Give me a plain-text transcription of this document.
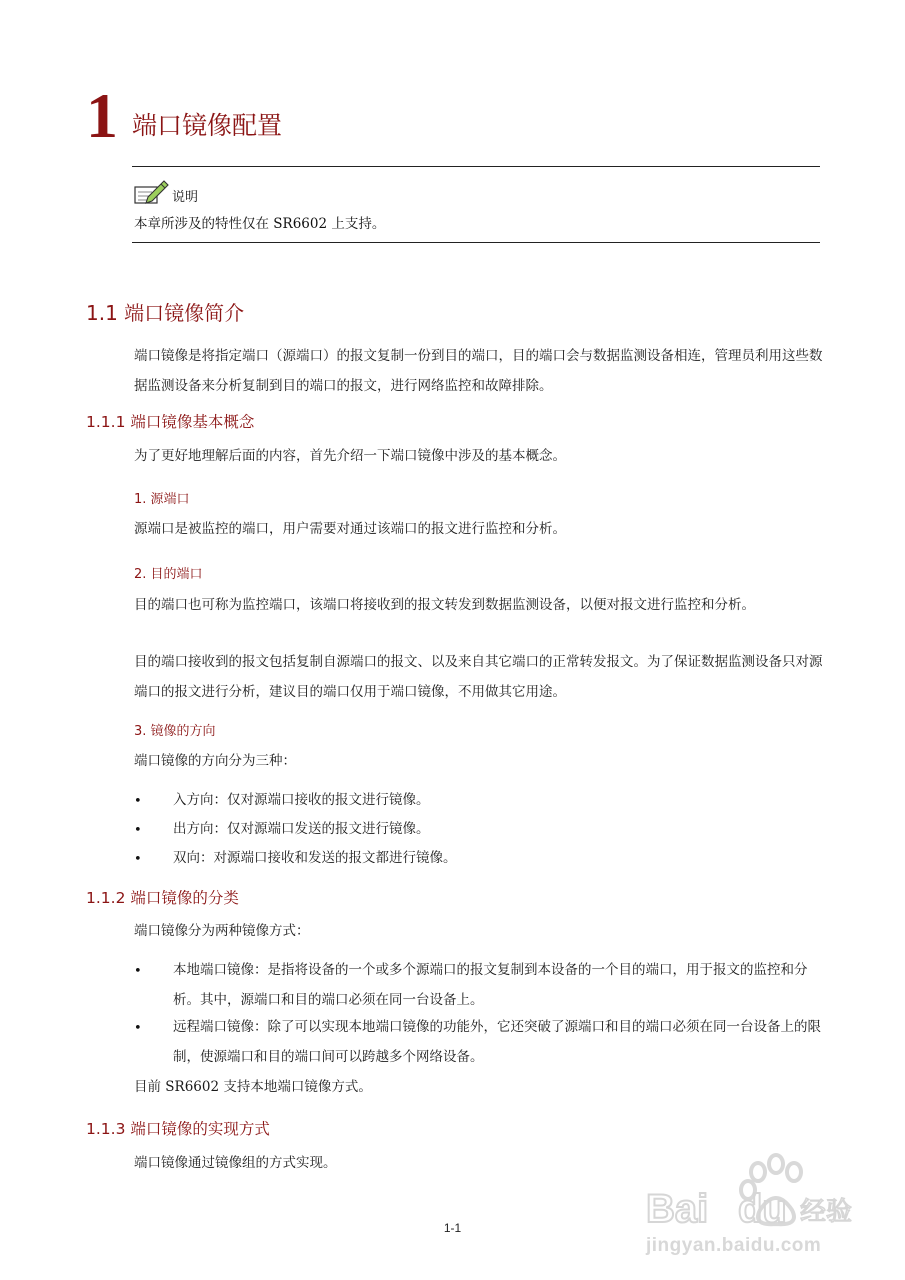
1 端口镜像配置
说明
本章所涉及的特性仅在 SR6602 上支持。
1.1 端口镜像简介
端口镜像是将指定端口（源端口）的报文复制一份到目的端口，目的端口会与数据监测设备相连，管理员利用这些数据监测设备来分析复制到目的端口的报文，进行网络监控和故障排除。
1.1.1 端口镜像基本概念
为了更好地理解后面的内容，首先介绍一下端口镜像中涉及的基本概念。
1. 源端口
源端口是被监控的端口，用户需要对通过该端口的报文进行监控和分析。
2. 目的端口
目的端口也可称为监控端口，该端口将接收到的报文转发到数据监测设备，以便对报文进行监控和分析。
目的端口接收到的报文包括复制自源端口的报文、以及来自其它端口的正常转发报文。为了保证数据监测设备只对源端口的报文进行分析，建议目的端口仅用于端口镜像，不用做其它用途。
3. 镜像的方向
端口镜像的方向分为三种：
• 入方向：仅对源端口接收的报文进行镜像。
• 出方向：仅对源端口发送的报文进行镜像。
• 双向：对源端口接收和发送的报文都进行镜像。
1.1.2 端口镜像的分类
端口镜像分为两种镜像方式：
• 本地端口镜像：是指将设备的一个或多个源端口的报文复制到本设备的一个目的端口，用于报文的监控和分析。其中，源端口和目的端口必须在同一台设备上。
• 远程端口镜像：除了可以实现本地端口镜像的功能外，它还突破了源端口和目的端口必须在同一台设备上的限制，使源端口和目的端口间可以跨越多个网络设备。
目前 SR6602 支持本地端口镜像方式。
1.1.3 端口镜像的实现方式
端口镜像通过镜像组的方式实现。
1-1	Bai du 经验
jingyan.baidu.com
